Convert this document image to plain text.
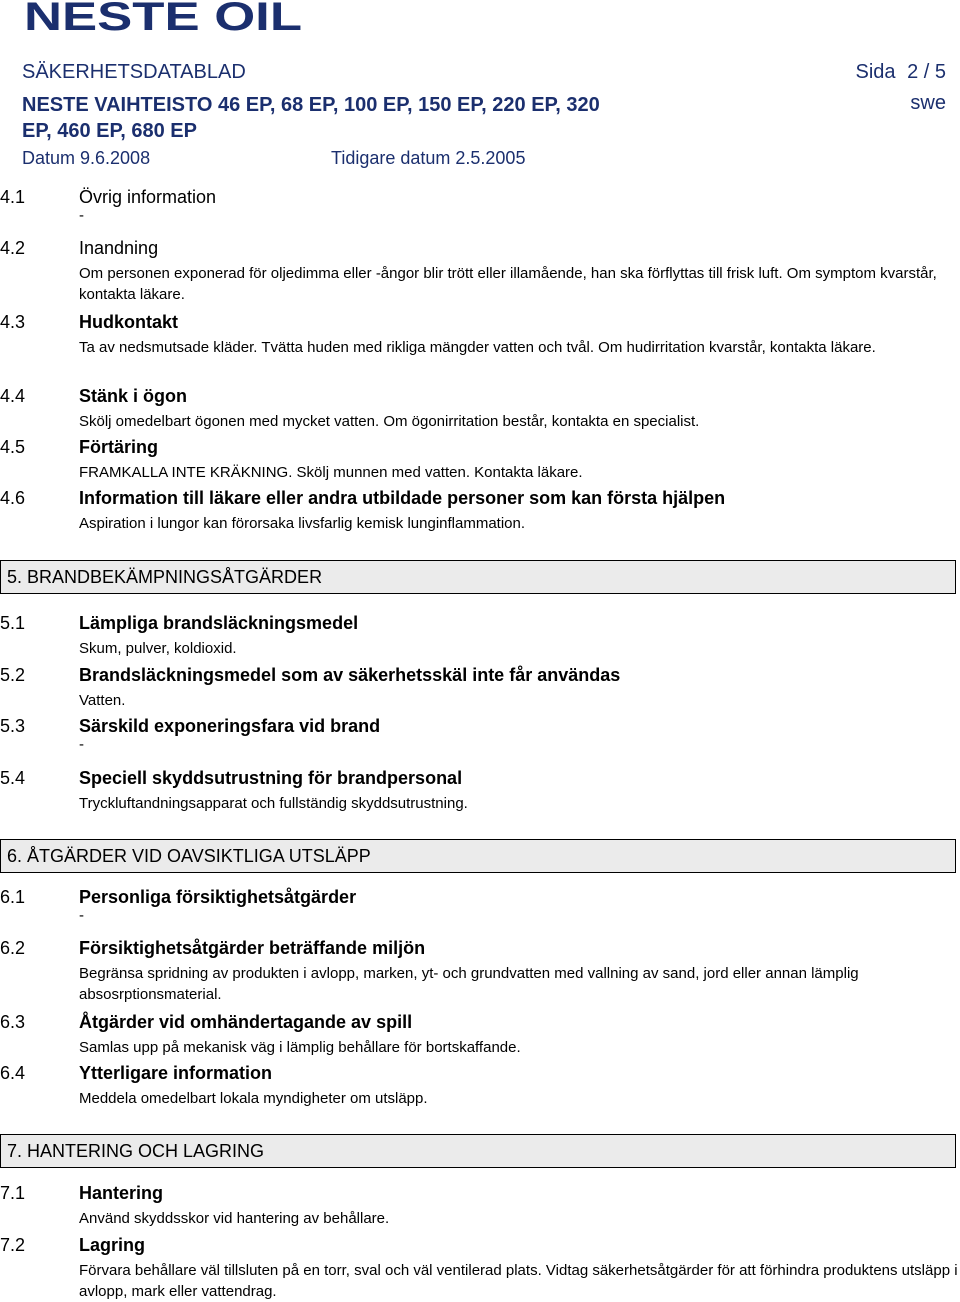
NESTE OIL
SÄKERHETSDATABLAD	Sida 2 / 5
NESTE VAIHTEISTO 46 EP, 68 EP, 100 EP, 150 EP, 220 EP, 320 EP, 460 EP, 680 EP
swe
Datum 9.6.2008	Tidigare datum 2.5.2005
4.1	Övrig information
-
4.2	Inandning
Om personen exponerad för oljedimma eller -ångor blir trött eller illamående, han ska förflyttas till frisk luft. Om symptom kvarstår, kontakta läkare.
4.3	Hudkontakt
Ta av nedsmutsade kläder. Tvätta huden med rikliga mängder vatten och tvål. Om hudirritation kvarstår, kontakta läkare.
4.4	Stänk i ögon
Skölj omedelbart ögonen med mycket vatten. Om ögonirritation består, kontakta en specialist.
4.5	Förtäring
FRAMKALLA INTE KRÄKNING. Skölj munnen med vatten. Kontakta läkare.
4.6	Information till läkare eller andra utbildade personer som kan första hjälpen
Aspiration i lungor kan förorsaka livsfarlig kemisk lunginflammation.
5. BRANDBEKÄMPNINGSÅTGÄRDER
5.1	Lämpliga brandsläckningsmedel
Skum, pulver, koldioxid.
5.2	Brandsläckningsmedel som av säkerhetsskäl inte får användas
Vatten.
5.3	Särskild exponeringsfara vid brand
-
5.4	Speciell skyddsutrustning för brandpersonal
Tryckluftandningsapparat och fullständig skyddsutrustning.
6. ÅTGÄRDER VID OAVSIKTLIGA UTSLÄPP
6.1	Personliga försiktighetsåtgärder
-
6.2	Försiktighetsåtgärder beträffande miljön
Begränsa spridning av produkten i avlopp, marken, yt- och grundvatten med vallning av sand, jord eller annan lämplig absosrptionsmaterial.
6.3	Åtgärder vid omhändertagande av spill
Samlas upp på mekanisk väg i lämplig behållare för bortskaffande.
6.4	Ytterligare information
Meddela omedelbart lokala myndigheter om utsläpp.
7. HANTERING OCH LAGRING
7.1	Hantering
Använd skyddsskor vid hantering av behållare.
7.2	Lagring
Förvara behållare väl tillsluten på en torr, sval och väl ventilerad plats. Vidtag säkerhetsåtgärder för att förhindra produktens utsläpp i avlopp, mark eller vattendrag.
